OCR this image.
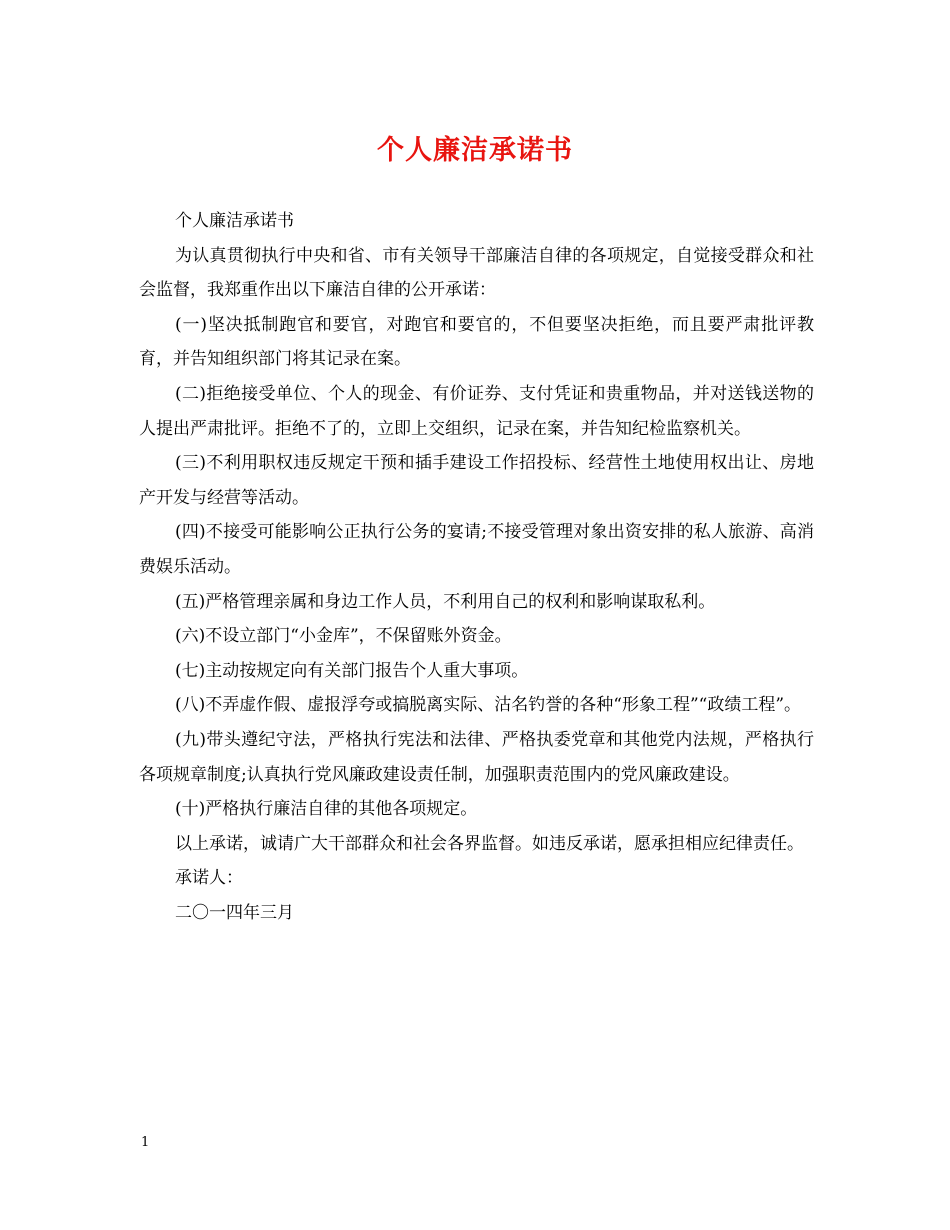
个人廉洁承诺书

个人廉洁承诺书

为认真贯彻执行中央和省、市有关领导干部廉洁自律的各项规定，自觉接受群众和社会监督，我郑重作出以下廉洁自律的公开承诺：

(一)坚决抵制跑官和要官，对跑官和要官的，不但要坚决拒绝，而且要严肃批评教育，并告知组织部门将其记录在案。

(二)拒绝接受单位、个人的现金、有价证券、支付凭证和贵重物品，并对送钱送物的人提出严肃批评。拒绝不了的，立即上交组织，记录在案，并告知纪检监察机关。

(三)不利用职权违反规定干预和插手建设工作招投标、经营性土地使用权出让、房地产开发与经营等活动。

(四)不接受可能影响公正执行公务的宴请;不接受管理对象出资安排的私人旅游、高消费娱乐活动。

(五)严格管理亲属和身边工作人员，不利用自己的权利和影响谋取私利。

(六)不设立部门“小金库”，不保留账外资金。

(七)主动按规定向有关部门报告个人重大事项。

(八)不弄虚作假、虚报浮夸或搞脱离实际、沽名钓誉的各种“形象工程”“政绩工程”。

(九)带头遵纪守法，严格执行宪法和法律、严格执委党章和其他党内法规，严格执行各项规章制度;认真执行党风廉政建设责任制，加强职责范围内的党风廉政建设。

(十)严格执行廉洁自律的其他各项规定。

以上承诺，诚请广大干部群众和社会各界监督。如违反承诺，愿承担相应纪律责任。

承诺人：

二〇一四年三月

1
